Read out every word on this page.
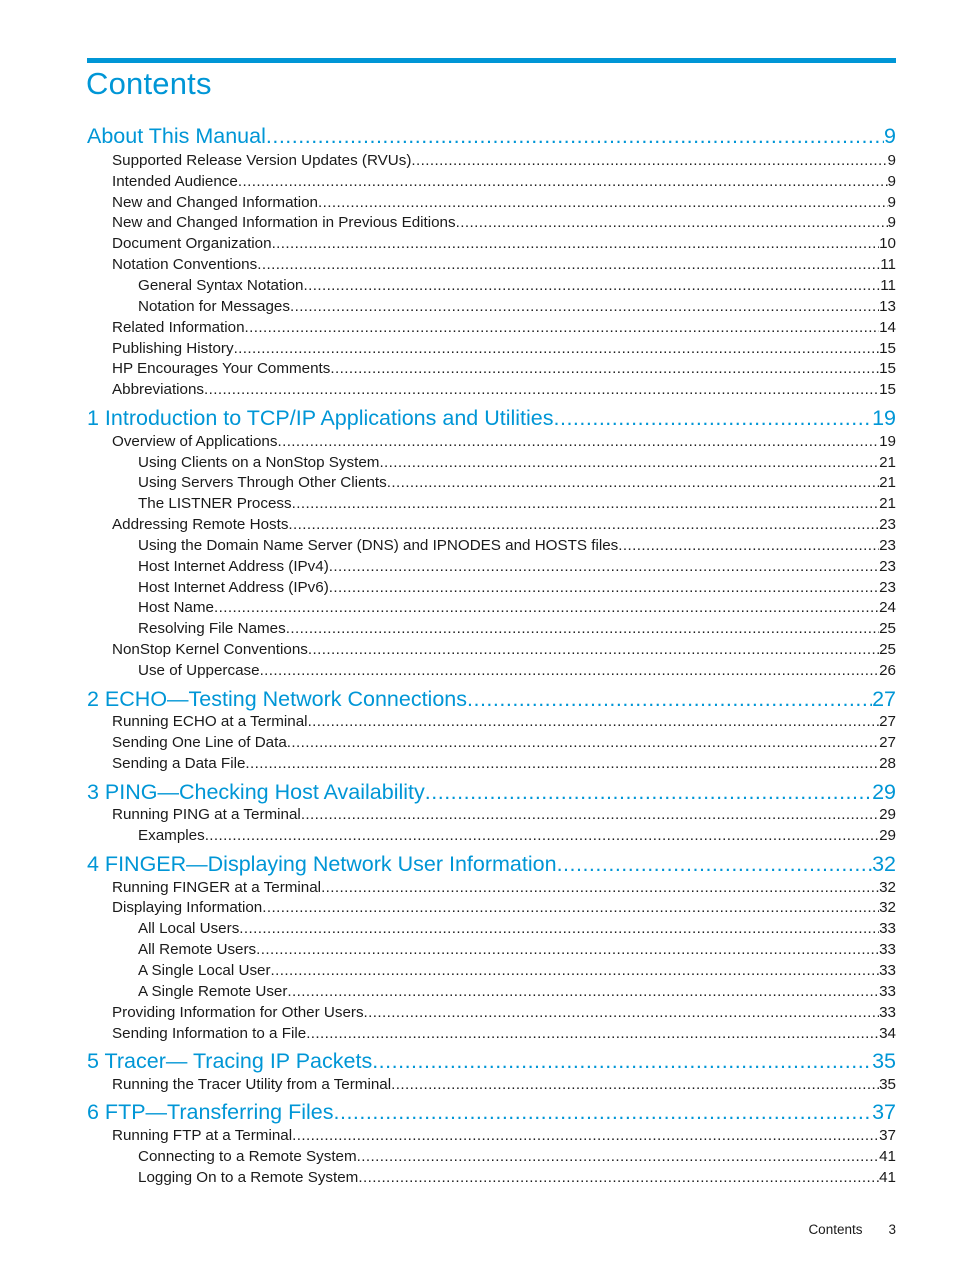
Contents
About This Manual .....	9
Supported Release Version Updates (RVUs) .....	9
Intended Audience .....	9
New and Changed Information .....	9
New and Changed Information in Previous Editions .....	9
Document Organization .....	10
Notation Conventions .....	11
General Syntax Notation .....	11
Notation for Messages .....	13
Related Information .....	14
Publishing History .....	15
HP Encourages Your Comments .....	15
Abbreviations .....	15
1 Introduction to TCP/IP Applications and Utilities .....	19
Overview of Applications .....	19
Using Clients on a NonStop System .....	21
Using Servers Through Other Clients .....	21
The LISTNER Process .....	21
Addressing Remote Hosts .....	23
Using the Domain Name Server (DNS) and IPNODES and HOSTS files .....	23
Host Internet Address (IPv4) .....	23
Host Internet Address (IPv6) .....	23
Host Name .....	24
Resolving File Names .....	25
NonStop Kernel Conventions .....	25
Use of Uppercase .....	26
2 ECHO—Testing Network Connections .....	27
Running ECHO at a Terminal .....	27
Sending One Line of Data .....	27
Sending a Data File .....	28
3 PING—Checking Host Availability .....	29
Running PING at a Terminal .....	29
Examples .....	29
4 FINGER—Displaying Network User Information .....	32
Running FINGER at a Terminal .....	32
Displaying Information .....	32
All Local Users .....	33
All Remote Users .....	33
A Single Local User .....	33
A Single Remote User .....	33
Providing Information for Other Users .....	33
Sending Information to a File .....	34
5 Tracer— Tracing IP Packets .....	35
Running the Tracer Utility from a Terminal .....	35
6 FTP—Transferring Files .....	37
Running FTP at a Terminal .....	37
Connecting to a Remote System .....	41
Logging On to a Remote System .....	41
Contents 3
